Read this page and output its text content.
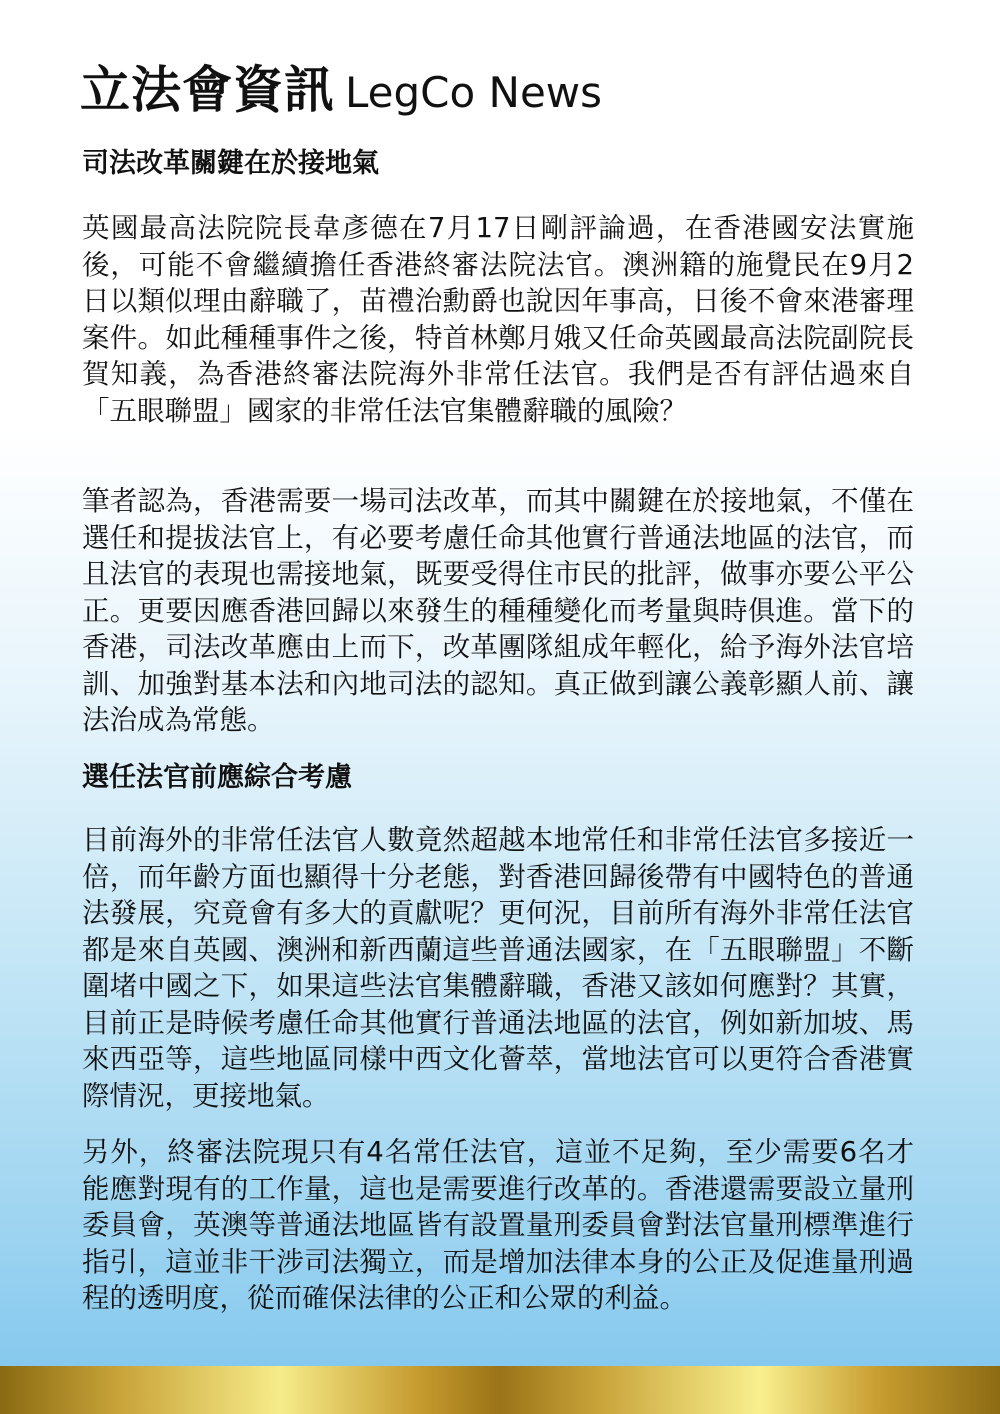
立法會資訊 LegCo News
司法改革關鍵在於接地氣

英國最高法院院長韋彥德在7月17日剛評論過，在香港國安法實施後，可能不會繼續擔任香港終審法院法官。澳洲籍的施覺民在9月2日以類似理由辭職了，苗禮治勳爵也說因年事高，日後不會來港審理案件。如此種種事件之後，特首林鄭月娥又任命英國最高法院副院長賀知義，為香港終審法院海外非常任法官。我們是否有評估過來自「五眼聯盟」國家的非常任法官集體辭職的風險？

筆者認為，香港需要一場司法改革，而其中關鍵在於接地氣，不僅在選任和提拔法官上，有必要考慮任命其他實行普通法地區的法官，而且法官的表現也需接地氣，既要受得住市民的批評，做事亦要公平公正。更要因應香港回歸以來發生的種種變化而考量與時俱進。當下的香港，司法改革應由上而下，改革團隊組成年輕化，給予海外法官培訓、加強對基本法和內地司法的認知。真正做到讓公義彰顯人前、讓法治成為常態。

選任法官前應綜合考慮

目前海外的非常任法官人數竟然超越本地常任和非常任法官多接近一倍，而年齡方面也顯得十分老態，對香港回歸後帶有中國特色的普通法發展，究竟會有多大的貢獻呢？更何況，目前所有海外非常任法官都是來自英國、澳洲和新西蘭這些普通法國家，在「五眼聯盟」不斷圍堵中國之下，如果這些法官集體辭職，香港又該如何應對？其實，目前正是時候考慮任命其他實行普通法地區的法官，例如新加坡、馬來西亞等，這些地區同樣中西文化薈萃，當地法官可以更符合香港實際情況，更接地氣。

另外，終審法院現只有4名常任法官，這並不足夠，至少需要6名才能應對現有的工作量，這也是需要進行改革的。香港還需要設立量刑委員會，英澳等普通法地區皆有設置量刑委員會對法官量刑標準進行指引，這並非干涉司法獨立，而是增加法律本身的公正及促進量刑過程的透明度，從而確保法律的公正和公眾的利益。
